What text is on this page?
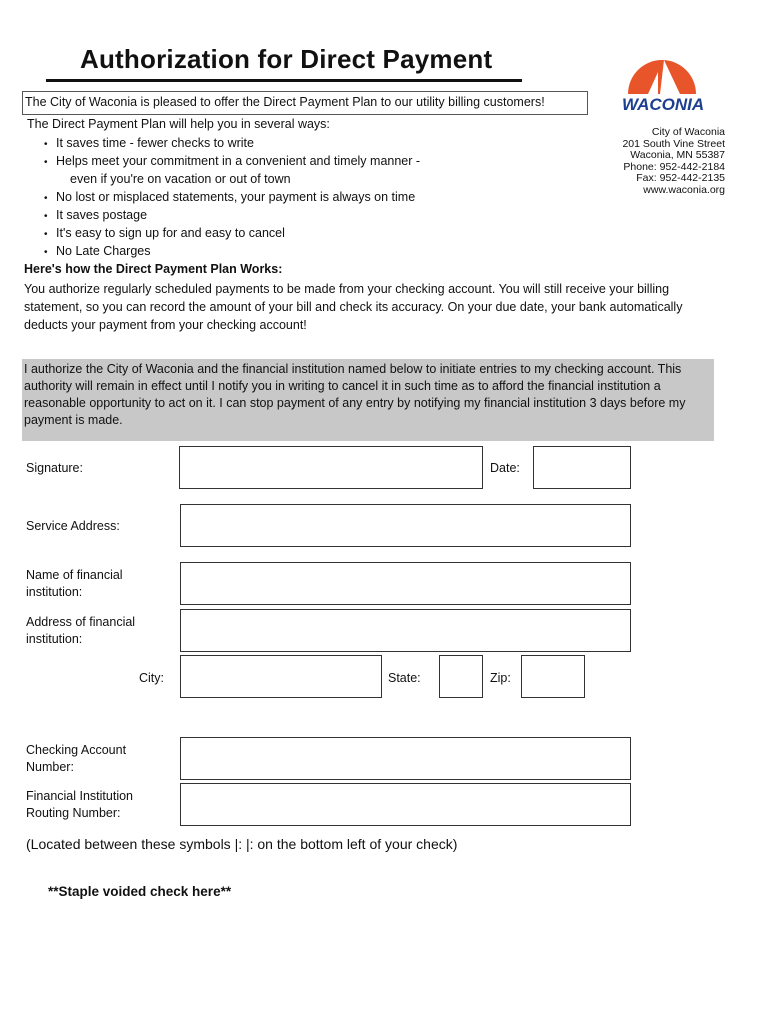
Authorization for Direct Payment
The City of Waconia is pleased to offer the Direct Payment Plan to our utility billing customers!	WACONIA
City of Waconia
201 South Vine Street
Waconia, MN 55387
Phone: 952-442-2184
Fax: 952-442-2135
www.waconia.org
The Direct Payment Plan will help you in several ways:
• It saves time - fewer checks to write
• Helps meet your commitment in a convenient and timely manner -
even if you're on vacation or out of town
• No lost or misplaced statements, your payment is always on time
• It saves postage
• It's easy to sign up for and easy to cancel
• No Late Charges
Here's how the Direct Payment Plan Works:
You authorize regularly scheduled payments to be made from your checking account. You will still receive your billing statement, so you can record the amount of your bill and check its accuracy. On your due date, your bank automatically deducts your payment from your checking account!
I authorize the City of Waconia and the financial institution named below to initiate entries to my checking account. This authority will remain in effect until I notify you in writing to cancel it in such time as to afford the financial institution a reasonable opportunity to act on it. I can stop payment of any entry by notifying my financial institution 3 days before my payment is made.
Signature:	Date:
Service Address:
Name of financial
institution:
Address of financial
institution:
City:	State:	Zip:
Checking Account
Number:
Financial Institution
Routing Number:
(Located between these symbols |: |: on the bottom left of your check)
**Staple voided check here**
